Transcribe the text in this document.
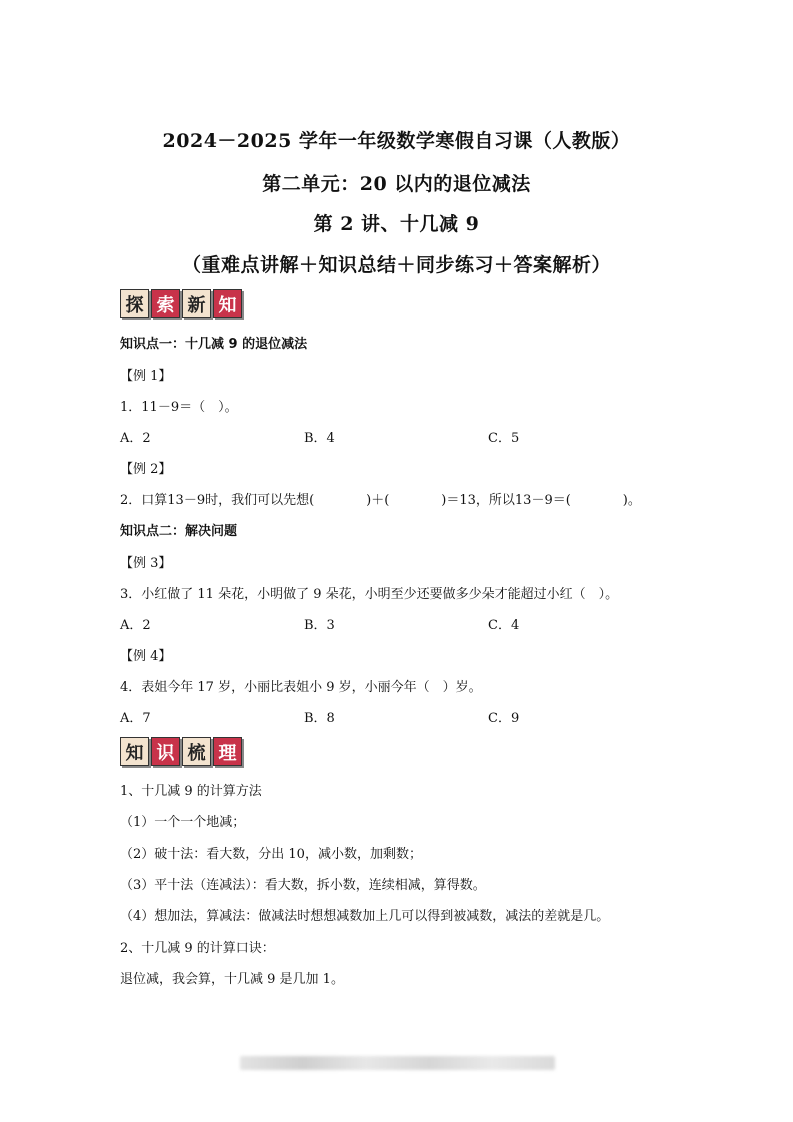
2024－2025 学年一年级数学寒假自习课（人教版）
第二单元：20 以内的退位减法
第 2 讲、十几减 9
（重难点讲解＋知识总结＋同步练习＋答案解析）
探 索 新 知
知识点一：十几减 9 的退位减法
【例 1】
1．11－9＝（　）。
A．2	B．4	C．5
【例 2】
2．口算13－9时，我们可以先想(　　　　)＋(　　　　)＝13，所以13－9＝(　　　　)。
知识点二：解决问题
【例 3】
3．小红做了 11 朵花，小明做了 9 朵花，小明至少还要做多少朵才能超过小红（　）。
A．2	B．3	C．4
【例 4】
4．表姐今年 17 岁，小丽比表姐小 9 岁，小丽今年（　）岁。
A．7	B．8	C．9
知 识 梳 理
1、十几减 9 的计算方法
（1）一个一个地减；
（2）破十法：看大数，分出 10，减小数，加剩数；
（3）平十法（连减法）：看大数，拆小数，连续相减，算得数。
（4）想加法，算减法：做减法时想想减数加上几可以得到被减数，减法的差就是几。
2、十几减 9 的计算口诀：
退位减，我会算，十几减 9 是几加 1。
